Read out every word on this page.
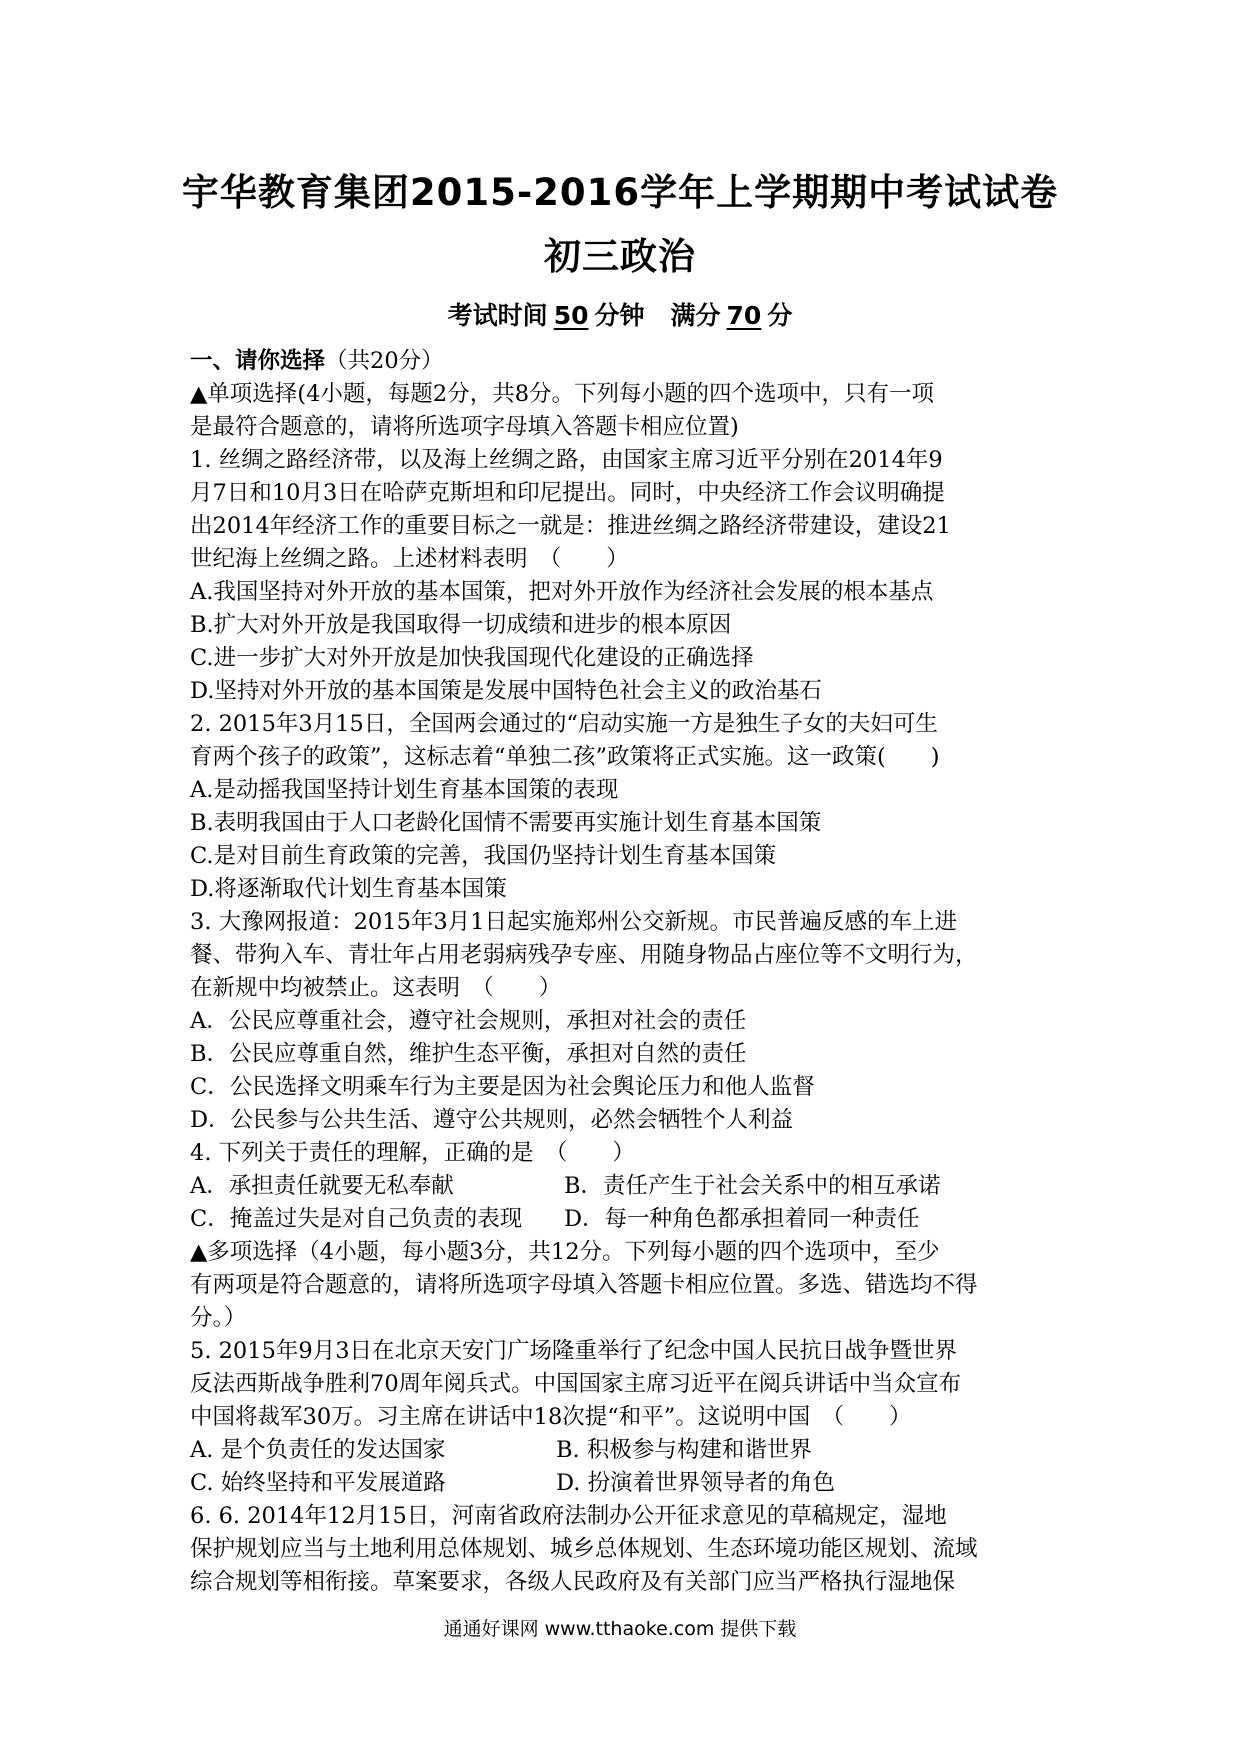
宇华教育集团2015-2016学年上学期期中考试试卷
初三政治
考试时间 50 分钟 满分 70 分
一、请你选择（共20分）
▲单项选择(4小题，每题2分，共8分。下列每小题的四个选项中，只有一项
是最符合题意的，请将所选项字母填入答题卡相应位置)
1. 丝绸之路经济带，以及海上丝绸之路，由国家主席习近平分别在2014年9
月7日和10月3日在哈萨克斯坦和印尼提出。同时，中央经济工作会议明确提
出2014年经济工作的重要目标之一就是：推进丝绸之路经济带建设，建设21
世纪海上丝绸之路。上述材料表明　（　　）
A.我国坚持对外开放的基本国策，把对外开放作为经济社会发展的根本基点
B.扩大对外开放是我国取得一切成绩和进步的根本原因
C.进一步扩大对外开放是加快我国现代化建设的正确选择
D.坚持对外开放的基本国策是发展中国特色社会主义的政治基石
2. 2015年3月15日，全国两会通过的“启动实施一方是独生子女的夫妇可生
育两个孩子的政策”，这标志着“单独二孩”政策将正式实施。这一政策(　　)
A.是动摇我国坚持计划生育基本国策的表现
B.表明我国由于人口老龄化国情不需要再实施计划生育基本国策
C.是对目前生育政策的完善，我国仍坚持计划生育基本国策
D.将逐渐取代计划生育基本国策
3. 大豫网报道：2015年3月1日起实施郑州公交新规。市民普遍反感的车上进
餐、带狗入车、青壮年占用老弱病残孕专座、用随身物品占座位等不文明行为，
在新规中均被禁止。这表明　（　　）
A．公民应尊重社会，遵守社会规则，承担对社会的责任
B．公民应尊重自然，维护生态平衡，承担对自然的责任
C．公民选择文明乘车行为主要是因为社会舆论压力和他人监督
D．公民参与公共生活、遵守公共规则，必然会牺牲个人利益
4. 下列关于责任的理解，正确的是　（　　）
A．承担责任就要无私奉献	B．责任产生于社会关系中的相互承诺
C．掩盖过失是对自己负责的表现 D．每一种角色都承担着同一种责任
▲多项选择（4小题，每小题3分，共12分。下列每小题的四个选项中，至少
有两项是符合题意的，请将所选项字母填入答题卡相应位置。多选、错选均不得
分。）
5. 2015年9月3日在北京天安门广场隆重举行了纪念中国人民抗日战争暨世界
反法西斯战争胜利70周年阅兵式。中国国家主席习近平在阅兵讲话中当众宣布
中国将裁军30万。习主席在讲话中18次提“和平”。这说明中国　（　　）
A. 是个负责任的发达国家	B. 积极参与构建和谐世界
C. 始终坚持和平发展道路	D. 扮演着世界领导者的角色
6. 6. 2014年12月15日，河南省政府法制办公开征求意见的草稿规定，湿地
保护规划应当与土地利用总体规划、城乡总体规划、生态环境功能区规划、流域
综合规划等相衔接。草案要求，各级人民政府及有关部门应当严格执行湿地保
通通好课网 www.tthaoke.com 提供下载
